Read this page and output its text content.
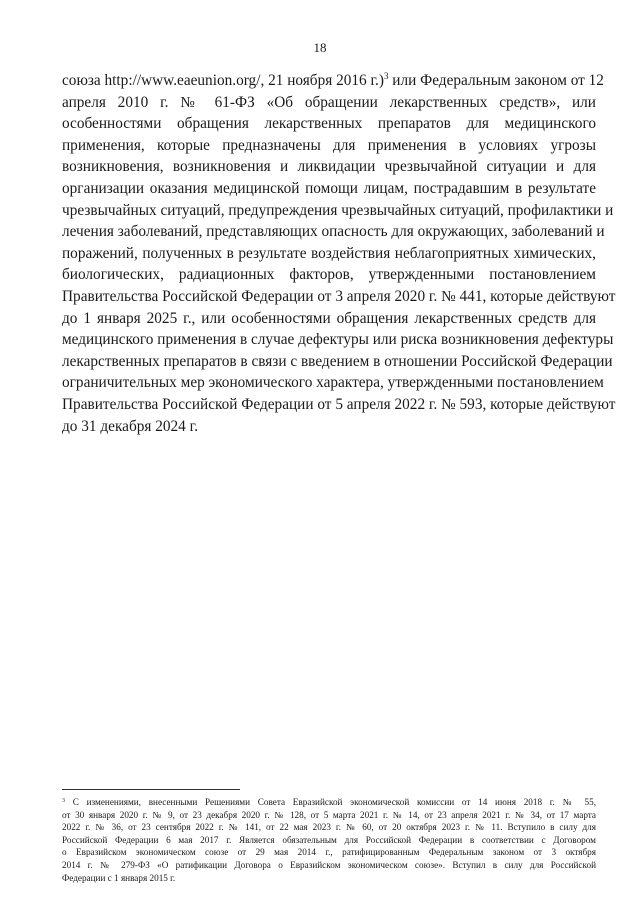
18
союза http://www.eaeunion.org/, 21 ноября 2016 г.)$^3$ или Федеральным законом от 12
апреля 2010 г. № 61-ФЗ «Об обращении лекарственных средств», или
особенностями обращения лекарственных препаратов для медицинского
применения, которые предназначены для применения в условиях угрозы
возникновения, возникновения и ликвидации чрезвычайной ситуации и для
организации оказания медицинской помощи лицам, пострадавшим в результате
чрезвычайных ситуаций, предупреждения чрезвычайных ситуаций, профилактики и
лечения заболеваний, представляющих опасность для окружающих, заболеваний и
поражений, полученных в результате воздействия неблагоприятных химических,
биологических, радиационных факторов, утвержденными постановлением
Правительства Российской Федерации от 3 апреля 2020 г. № 441, которые действуют
до 1 января 2025 г., или особенностями обращения лекарственных средств для
медицинского применения в случае дефектуры или риска возникновения дефектуры
лекарственных препаратов в связи с введением в отношении Российской Федерации
ограничительных мер экономического характера, утвержденными постановлением
Правительства Российской Федерации от 5 апреля 2022 г. № 593, которые действуют
до 31 декабря 2024 г.
$^3$ С изменениями, внесенными Решениями Совета Евразийской экономической комиссии от 14 июня 2018 г. № 55,
от 30 января 2020 г. № 9, от 23 декабря 2020 г. № 128, от 5 марта 2021 г. № 14, от 23 апреля 2021 г. № 34, от 17 марта
2022 г. № 36, от 23 сентября 2022 г. № 141, от 22 мая 2023 г. № 60, от 20 октября 2023 г. № 11. Вступило в силу для
Российской Федерации 6 мая 2017 г. Является обязательным для Российской Федерации в соответствии с Договором
о Евразийском экономическом союзе от 29 мая 2014 г., ратифицированным Федеральным законом от 3 октября
2014 г. № 279-ФЗ «О ратификации Договора о Евразийском экономическом союзе». Вступил в силу для Российской
Федерации с 1 января 2015 г.
